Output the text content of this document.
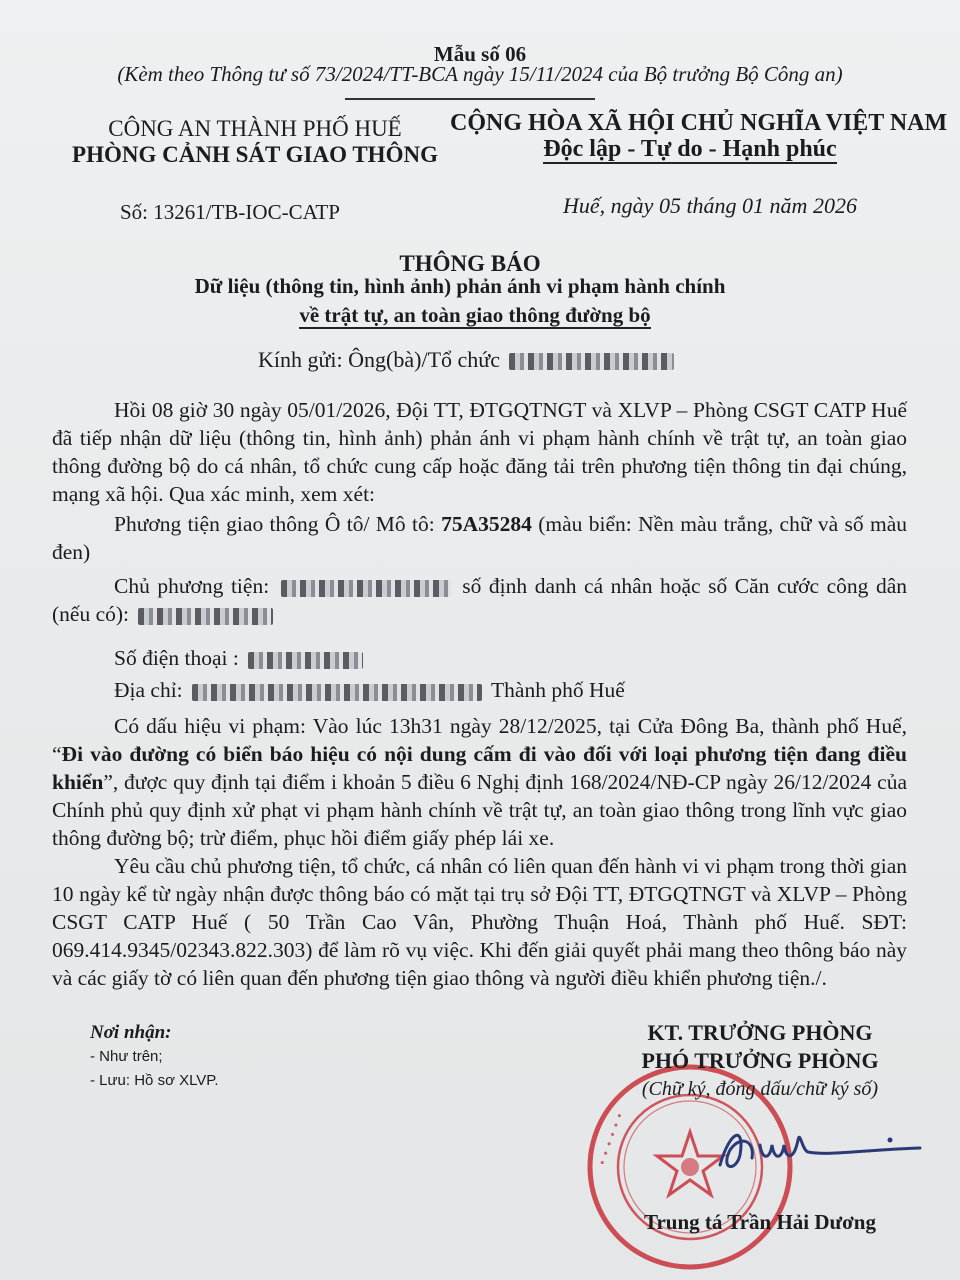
Mẫu số 06
(Kèm theo Thông tư số 73/2024/TT-BCA ngày 15/11/2024 của Bộ trưởng Bộ Công an)
CÔNG AN THÀNH PHỐ HUẾ
PHÒNG CẢNH SÁT GIAO THÔNG
CỘNG HÒA XÃ HỘI CHỦ NGHĨA VIỆT NAM
Độc lập - Tự do - Hạnh phúc
Số: 13261/TB-IOC-CATP	Huế, ngày 05 tháng 01 năm 2026
THÔNG BÁO
Dữ liệu (thông tin, hình ảnh) phản ánh vi phạm hành chính
về trật tự, an toàn giao thông đường bộ
Kính gửi: Ông(bà)/Tổ chức

Hồi 08 giờ 30 ngày 05/01/2026, Đội TT, ĐTGQTNGT và XLVP – Phòng CSGT CATP Huế đã tiếp nhận dữ liệu (thông tin, hình ảnh) phản ánh vi phạm hành chính về trật tự, an toàn giao thông đường bộ do cá nhân, tổ chức cung cấp hoặc đăng tải trên phương tiện thông tin đại chúng, mạng xã hội. Qua xác minh, xem xét:

Phương tiện giao thông Ô tô/ Mô tô: 75A35284 (màu biển: Nền màu trắng, chữ và số màu đen)

Chủ phương tiện:	số định danh cá nhân hoặc số Căn cước công dân (nếu có):

Số điện thoại :

Địa chỉ:	Thành phố Huế

Có dấu hiệu vi phạm: Vào lúc 13h31 ngày 28/12/2025, tại Cửa Đông Ba, thành phố Huế, “Đi vào đường có biển báo hiệu có nội dung cấm đi vào đối với loại phương tiện đang điều khiển”, được quy định tại điểm i khoản 5 điều 6 Nghị định 168/2024/NĐ-CP ngày 26/12/2024 của Chính phủ quy định xử phạt vi phạm hành chính về trật tự, an toàn giao thông trong lĩnh vực giao thông đường bộ; trừ điểm, phục hồi điểm giấy phép lái xe.

Yêu cầu chủ phương tiện, tổ chức, cá nhân có liên quan đến hành vi vi phạm trong thời gian 10 ngày kể từ ngày nhận được thông báo có mặt tại trụ sở Đội TT, ĐTGQTNGT và XLVP – Phòng CSGT CATP Huế ( 50 Trần Cao Vân, Phường Thuận Hoá, Thành phố Huế. SĐT: 069.414.9345/02343.822.303) để làm rõ vụ việc. Khi đến giải quyết phải mang theo thông báo này và các giấy tờ có liên quan đến phương tiện giao thông và người điều khiển phương tiện./.

Nơi nhận:
- Như trên;
- Lưu: Hồ sơ XLVP.
• • • • • •
KT. TRƯỞNG PHÒNG
PHÓ TRƯỞNG PHÒNG
(Chữ ký, đóng dấu/chữ ký số)
Trung tá Trần Hải Dương
